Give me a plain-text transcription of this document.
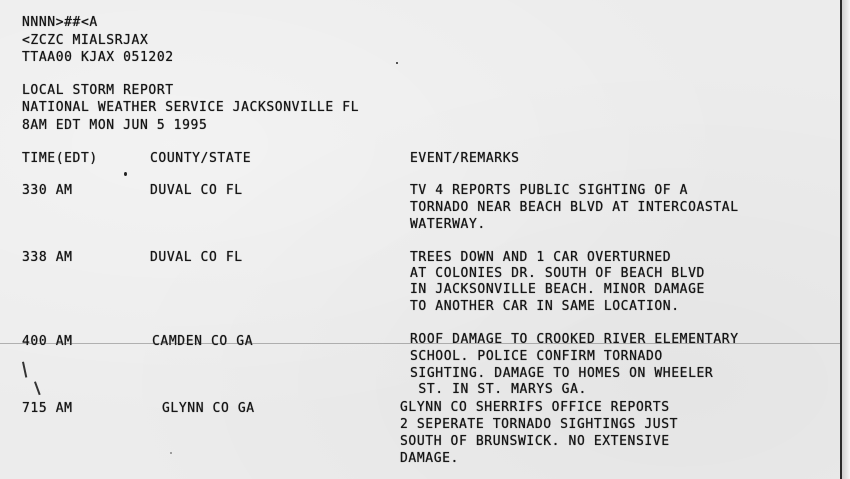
NNNN>##<A
<ZCZC MIALSRJAX
TTAA00 KJAX 051202
LOCAL STORM REPORT
NATIONAL WEATHER SERVICE JACKSONVILLE FL
8AM EDT MON JUN 5 1995
TIME(EDT)	COUNTY/STATE	EVENT/REMARKS
330 AM	DUVAL CO FL	TV 4 REPORTS PUBLIC SIGHTING OF A
TORNADO NEAR BEACH BLVD AT INTERCOASTAL
WATERWAY.
338 AM	DUVAL CO FL	TREES DOWN AND 1 CAR OVERTURNED
AT COLONIES DR. SOUTH OF BEACH BLVD
IN JACKSONVILLE BEACH. MINOR DAMAGE
TO ANOTHER CAR IN SAME LOCATION.
400 AM	CAMDEN CO GA	ROOF DAMAGE TO CROOKED RIVER ELEMENTARY
SCHOOL. POLICE CONFIRM TORNADO
SIGHTING. DAMAGE TO HOMES ON WHEELER
ST. IN ST. MARYS GA.
715 AM	GLYNN CO GA	GLYNN CO SHERRIFS OFFICE REPORTS
2 SEPERATE TORNADO SIGHTINGS JUST
SOUTH OF BRUNSWICK. NO EXTENSIVE
DAMAGE.
